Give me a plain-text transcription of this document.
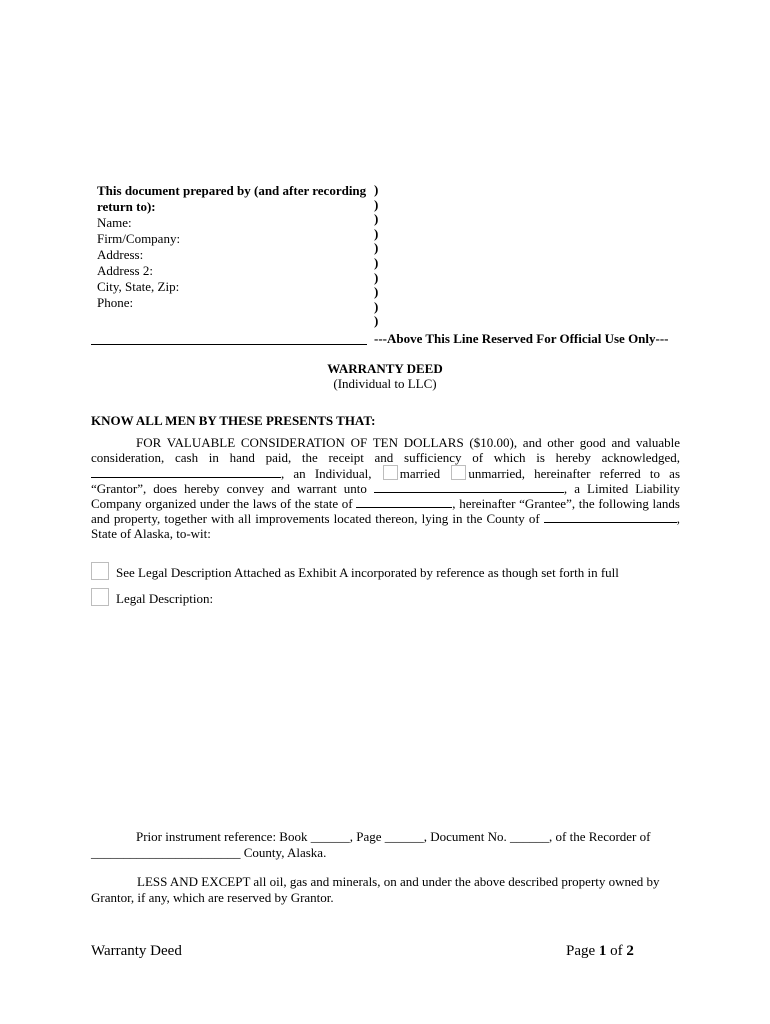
This document prepared by (and after recording
return to):
Name:
Firm/Company:
Address:
Address 2:
City, State, Zip:
Phone:
)
)
)
)
)
)
)
)
)
)
---Above This Line Reserved For Official Use Only---
WARRANTY DEED
(Individual to LLC)
KNOW ALL MEN BY THESE PRESENTS THAT:
FOR VALUABLE CONSIDERATION OF TEN DOLLARS ($10.00), and other good and valuable consideration, cash in hand paid, the receipt and sufficiency of which is hereby acknowledged, , an Individual, married unmarried, hereinafter referred to as “Grantor”, does hereby convey and warrant unto	, a Limited Liability Company organized under the laws of the state of	, hereinafter “Grantee”, the following lands and property, together with all improvements located thereon, lying in the County of	, State of Alaska, to-wit:
See Legal Description Attached as Exhibit A incorporated by reference as though set forth in full
Legal Description:
Prior instrument reference: Book ______, Page ______, Document No. ______, of the Recorder of
_______________________ County, Alaska.
LESS AND EXCEPT all oil, gas and minerals, on and under the above described property owned by Grantor, if any, which are reserved by Grantor.
Warranty Deed	Page 1 of 2
